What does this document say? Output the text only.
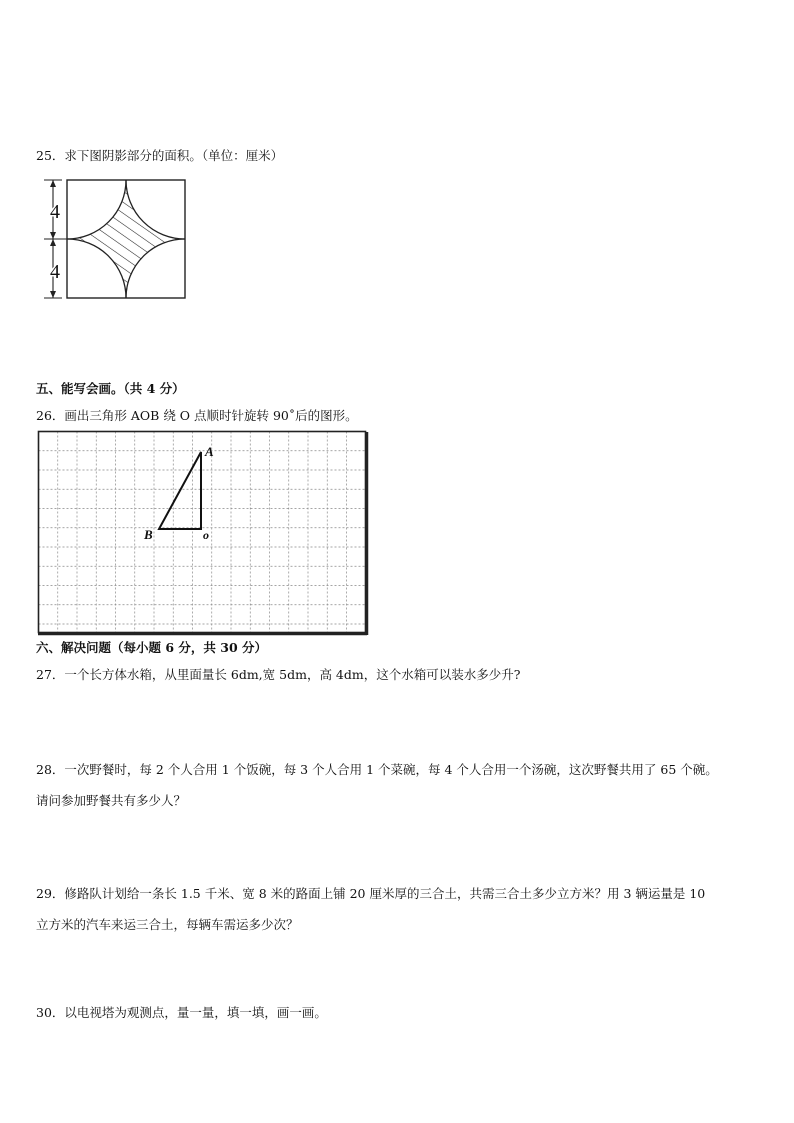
25．求下图阴影部分的面积。（单位：厘米）
4
4
五、能写会画。（共 4 分）
26．画出三角形 AOB 绕 O 点顺时针旋转 90˚后的图形。
A
B	o
六、解决问题（每小题 6 分，共 30 分）
27．一个长方体水箱，从里面量长 6dm,宽 5dm，高 4dm，这个水箱可以装水多少升?
28．一次野餐时，每 2 个人合用 1 个饭碗，每 3 个人合用 1 个菜碗，每 4 个人合用一个汤碗，这次野餐共用了 65 个碗。
请问参加野餐共有多少人？
29．修路队计划给一条长 1.5 千米、宽 8 米的路面上铺 20 厘米厚的三合土，共需三合土多少立方米？用 3 辆运量是 10
立方米的汽车来运三合土，每辆车需运多少次？
30．以电视塔为观测点，量一量，填一填，画一画。
